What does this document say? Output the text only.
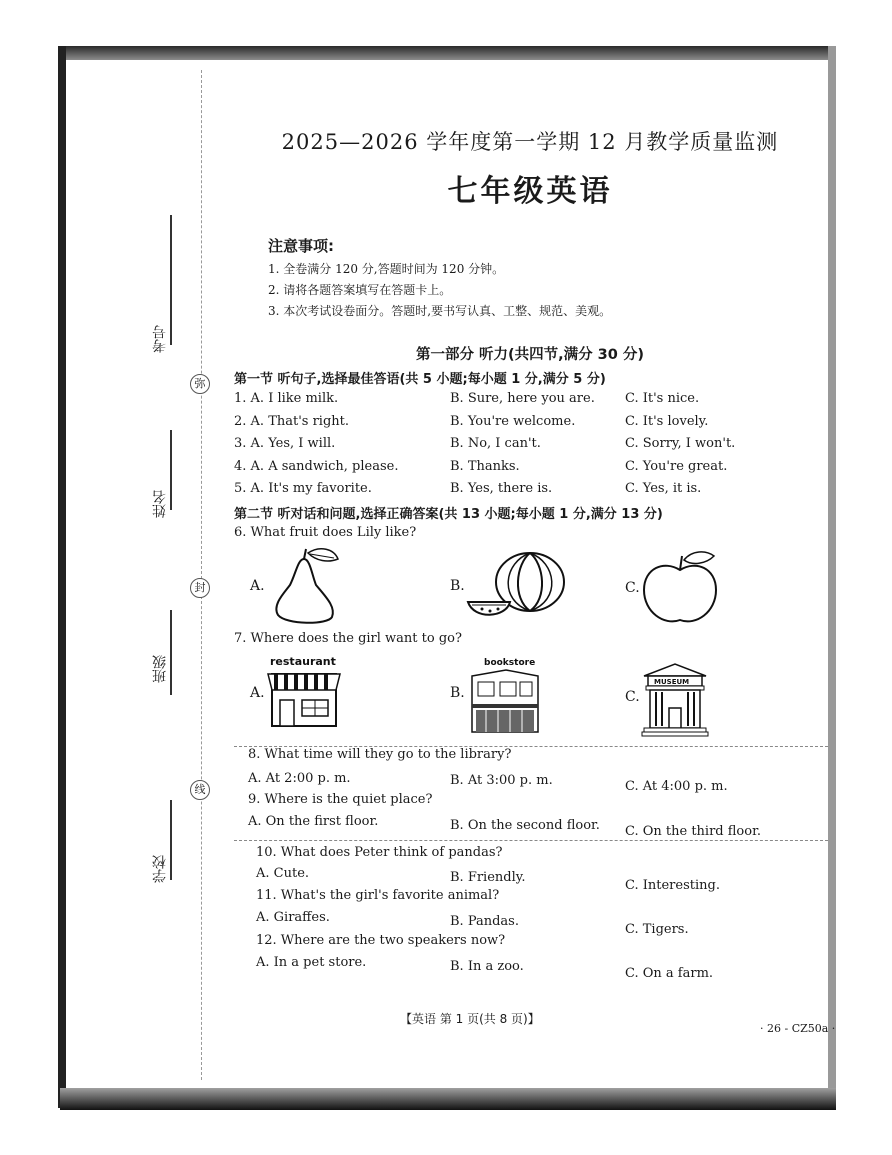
考号
弥
姓名
封
班级
线
学校
2025—2026 学年度第一学期 12 月教学质量监测
七年级英语
注意事项:
1. 全卷满分 120 分,答题时间为 120 分钟。
2. 请将各题答案填写在答题卡上。
3. 本次考试设卷面分。答题时,要书写认真、工整、规范、美观。
第一部分 听力(共四节,满分 30 分)
第一节 听句子,选择最佳答语(共 5 小题;每小题 1 分,满分 5 分)
1. A. I like milk.	B. Sure, here you are. C. It's nice.
2. A. That's right.	B. You're welcome.	C. It's lovely.
3. A. Yes, I will.	B. No, I can't.	C. Sorry, I won't.
4. A. A sandwich, please.	B. Thanks.	C. You're great.
5. A. It's my favorite.	B. Yes, there is.	C. Yes, it is.
第二节 听对话和问题,选择正确答案(共 13 小题;每小题 1 分,满分 13 分)
6. What fruit does Lily like?
A.	B.	C.
7. Where does the girl want to go?
A.
restaurant
B.
bookstore
C.
MUSEUM
8. What time will they go to the library?
A. At 2:00 p. m.	B. At 3:00 p. m.	C. At 4:00 p. m.
9. Where is the quiet place?
A. On the first floor.	B. On the second floor. C. On the third floor.
10. What does Peter think of pandas?
A. Cute.	B. Friendly.
C. Interesting.
11. What's the girl's favorite animal?
A. Giraffes.	B. Pandas.
C. Tigers.
12. Where are the two speakers now?
A. In a pet store.	B. In a zoo.	C. On a farm.
【英语 第 1 页(共 8 页)】
· 26 - CZ50a ·
